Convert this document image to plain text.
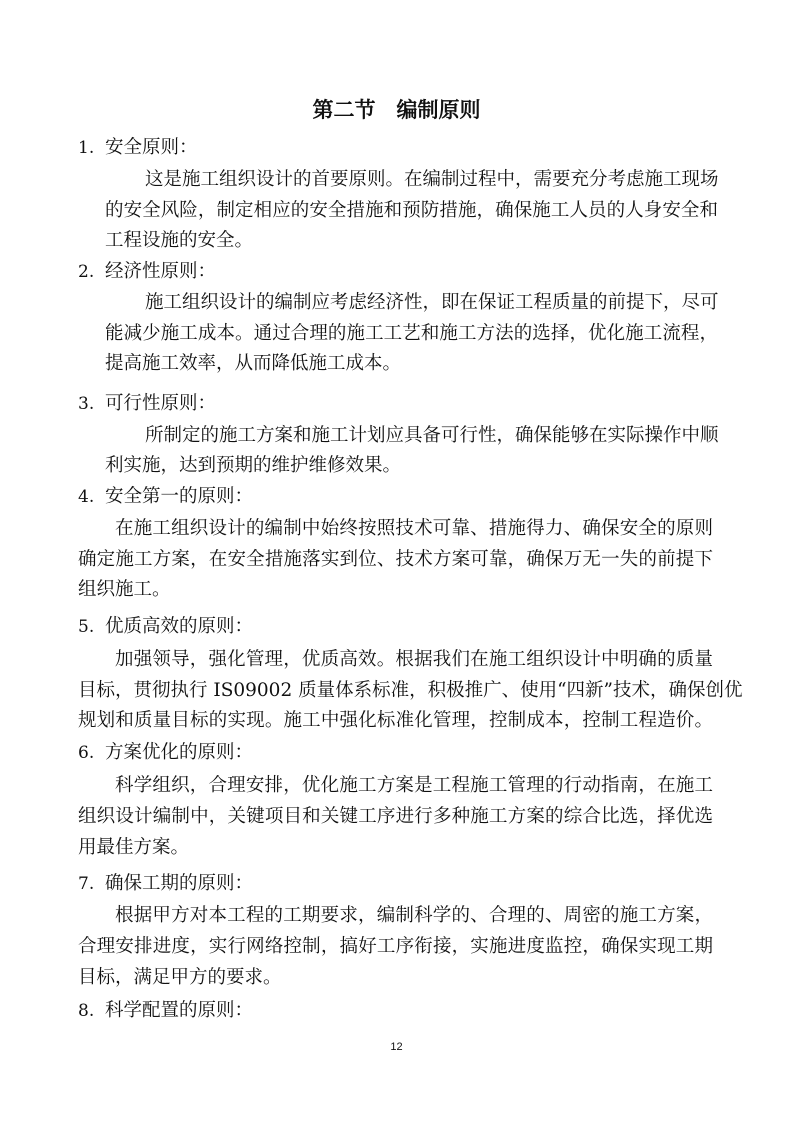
第二节　编制原则
1. 安全原则：
这是施工组织设计的首要原则。在编制过程中，需要充分考虑施工现场
的安全风险，制定相应的安全措施和预防措施，确保施工人员的人身安全和
工程设施的安全。
2. 经济性原则：
施工组织设计的编制应考虑经济性，即在保证工程质量的前提下，尽可
能减少施工成本。通过合理的施工工艺和施工方法的选择，优化施工流程，
提高施工效率，从而降低施工成本。
3. 可行性原则：
所制定的施工方案和施工计划应具备可行性，确保能够在实际操作中顺
利实施，达到预期的维护维修效果。
4. 安全第一的原则：
在施工组织设计的编制中始终按照技术可靠、措施得力、确保安全的原则
确定施工方案，在安全措施落实到位、技术方案可靠，确保万无一失的前提下
组织施工。
5. 优质高效的原则：
加强领导，强化管理，优质高效。根据我们在施工组织设计中明确的质量
目标，贯彻执行 IS09002 质量体系标准，积极推广、使用“四新”技术，确保创优
规划和质量目标的实现。施工中强化标准化管理，控制成本，控制工程造价。
6. 方案优化的原则：
科学组织，合理安排，优化施工方案是工程施工管理的行动指南，在施工
组织设计编制中，关键项目和关键工序进行多种施工方案的综合比选，择优选
用最佳方案。
7. 确保工期的原则：
根据甲方对本工程的工期要求，编制科学的、合理的、周密的施工方案，
合理安排进度，实行网络控制，搞好工序衔接，实施进度监控，确保实现工期
目标，满足甲方的要求。
8. 科学配置的原则：
12
